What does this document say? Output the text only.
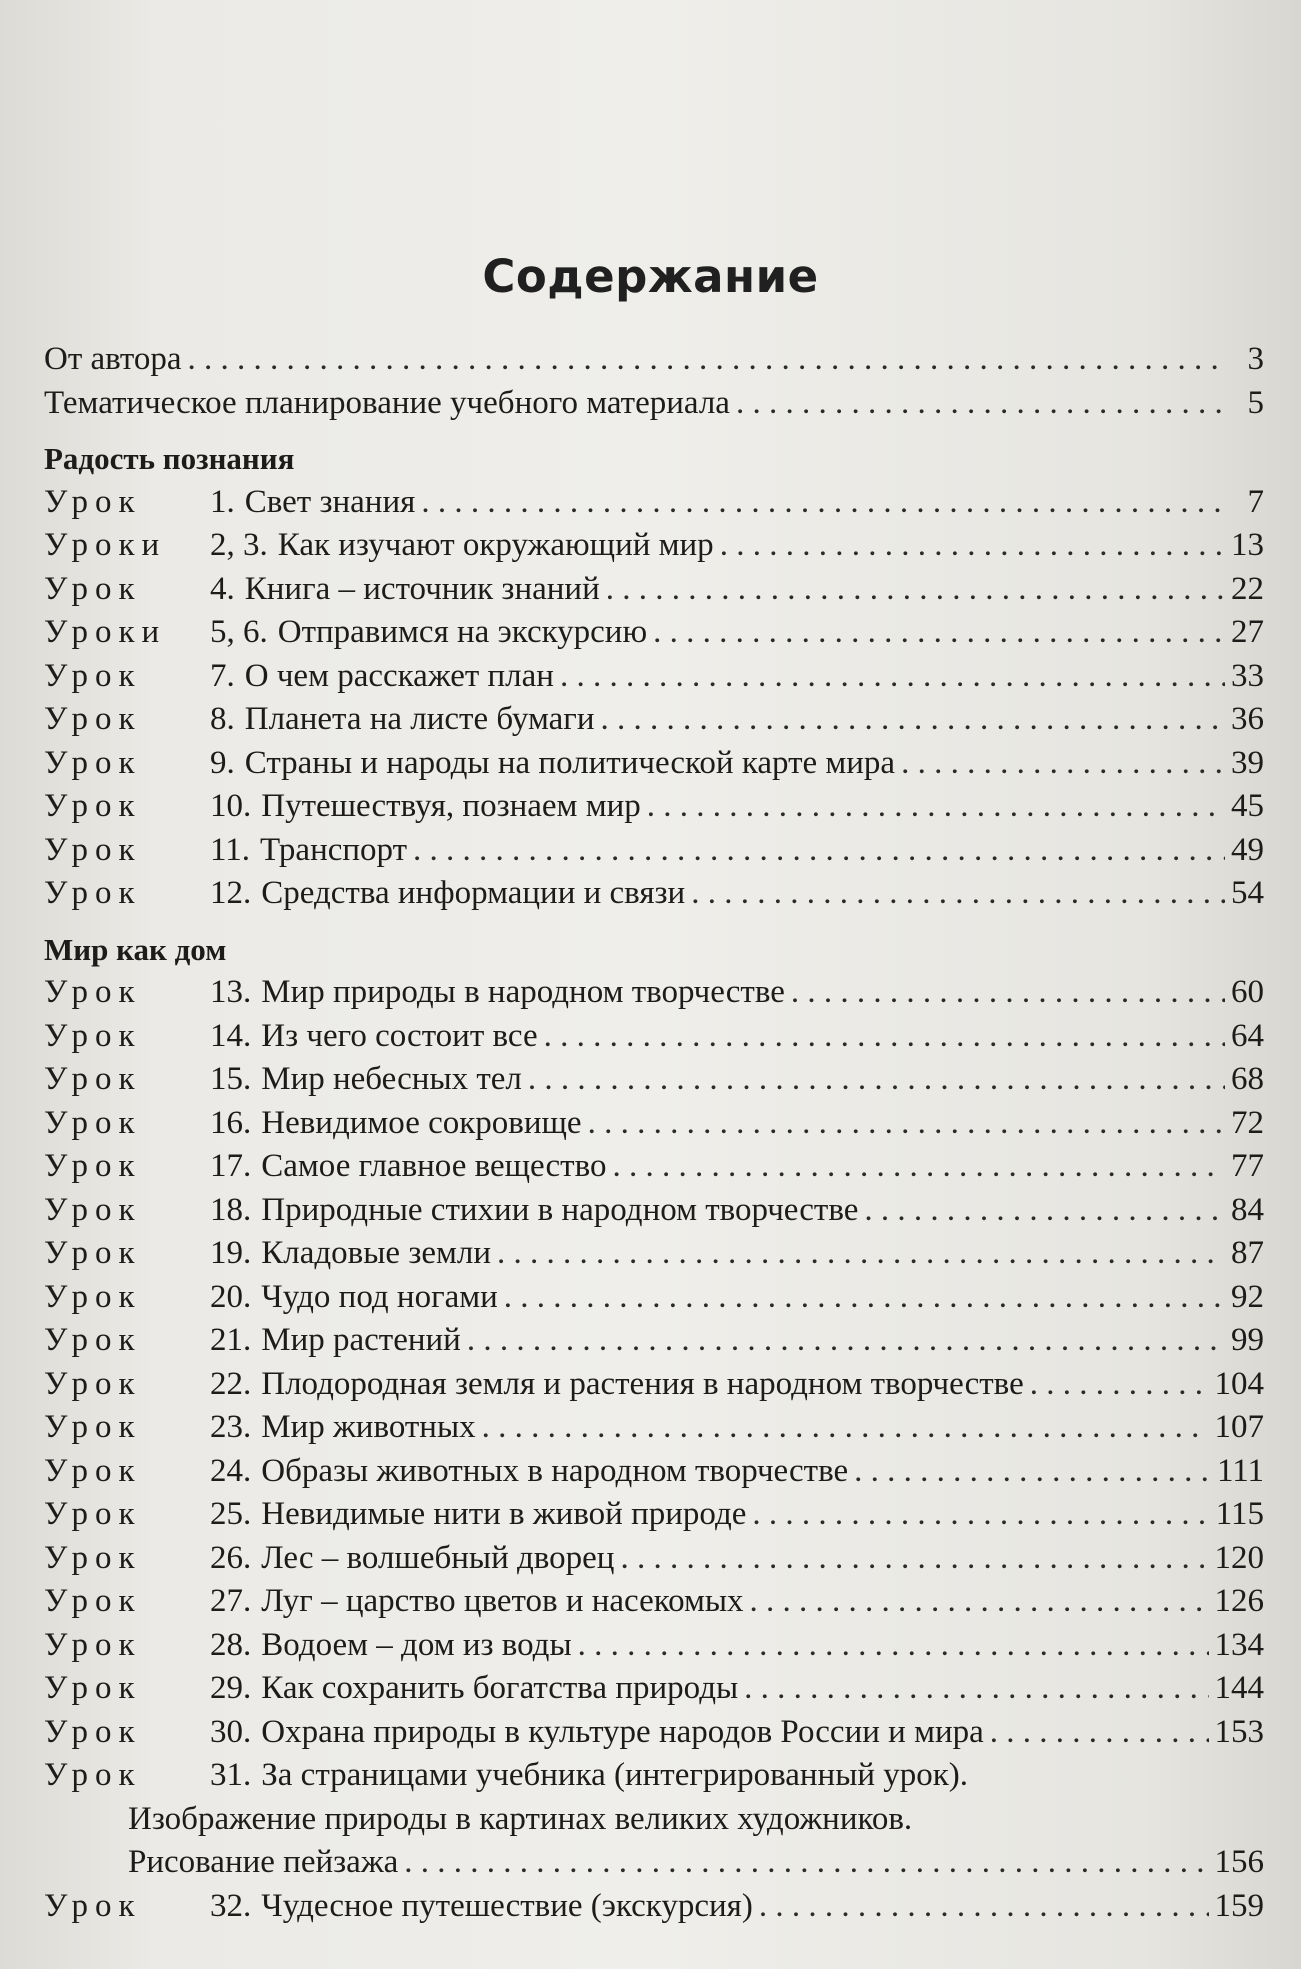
Содержание
От автора . . .	3
Тематическое планирование учебного материала . . .	5
Радость познания
Урок 1. Свет знания . . .	7
Уроки 2, 3. Как изучают окружающий мир . . .	13
Урок 4. Книга – источник знаний . . .	22
Уроки 5, 6. Отправимся на экскурсию . . .	27
Урок 7. О чем расскажет план . . .	33
Урок 8. Планета на листе бумаги . . .	36
Урок 9. Страны и народы на политической карте мира . . .	39
Урок 10. Путешествуя, познаем мир . . .	45
Урок 11. Транспорт . . .	49
Урок 12. Средства информации и связи . . .	54
Мир как дом
Урок 13. Мир природы в народном творчестве . . .	60
Урок 14. Из чего состоит все . . .	64
Урок 15. Мир небесных тел . . .	68
Урок 16. Невидимое сокровище . . .	72
Урок 17. Самое главное вещество . . .	77
Урок 18. Природные стихии в народном творчестве . . .	84
Урок 19. Кладовые земли . . .	87
Урок 20. Чудо под ногами . . .	92
Урок 21. Мир растений . . .	99
Урок 22. Плодородная земля и растения в народном творчестве . . .	104
Урок 23. Мир животных . . .	107
Урок 24. Образы животных в народном творчестве . . .	111
Урок 25. Невидимые нити в живой природе . . .	115
Урок 26. Лес – волшебный дворец . . .	120
Урок 27. Луг – царство цветов и насекомых . . .	126
Урок 28. Водоем – дом из воды . . .	134
Урок 29. Как сохранить богатства природы . . .	144
Урок 30. Охрана природы в культуре народов России и мира . . .	153
Урок 31. За страницами учебника (интегрированный урок).
Изображение природы в картинах великих художников.
Рисование пейзажа . . .	156
Урок 32. Чудесное путешествие (экскурсия) . . .	159
